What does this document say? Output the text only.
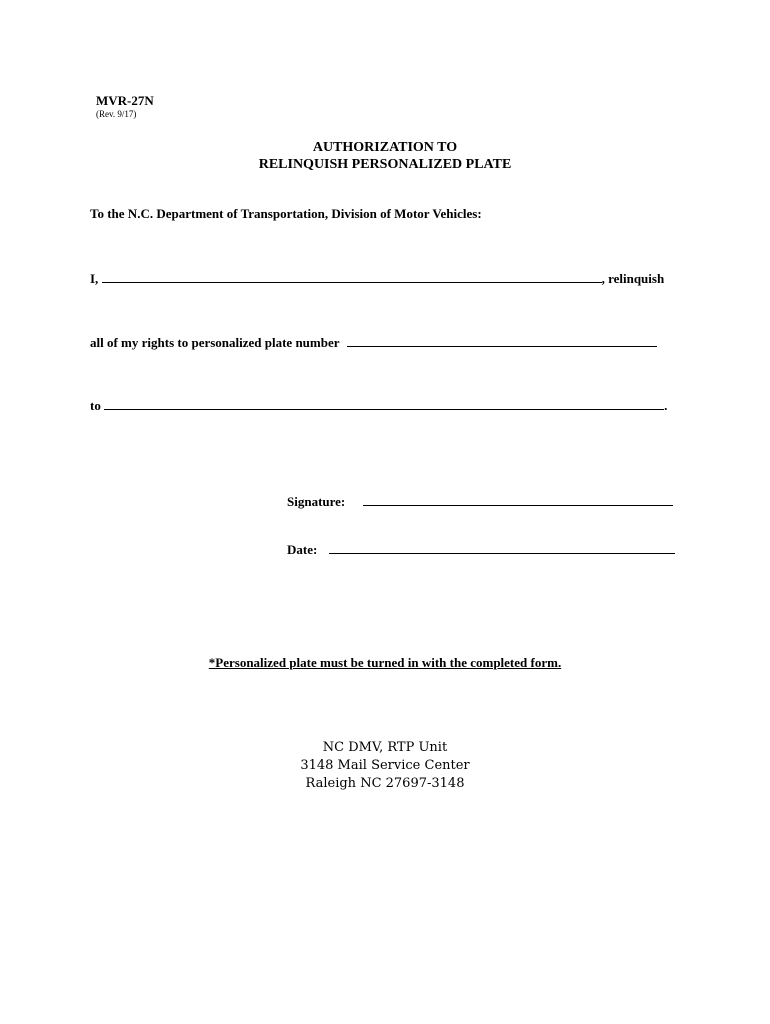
MVR-27N
(Rev. 9/17)
AUTHORIZATION TO
RELINQUISH PERSONALIZED PLATE
To the N.C. Department of Transportation, Division of Motor Vehicles:
I,	, relinquish
all of my rights to personalized plate number
to	.
Signature:
Date:
*Personalized plate must be turned in with the completed form.
NC DMV, RTP Unit
3148 Mail Service Center
Raleigh NC 27697-3148
